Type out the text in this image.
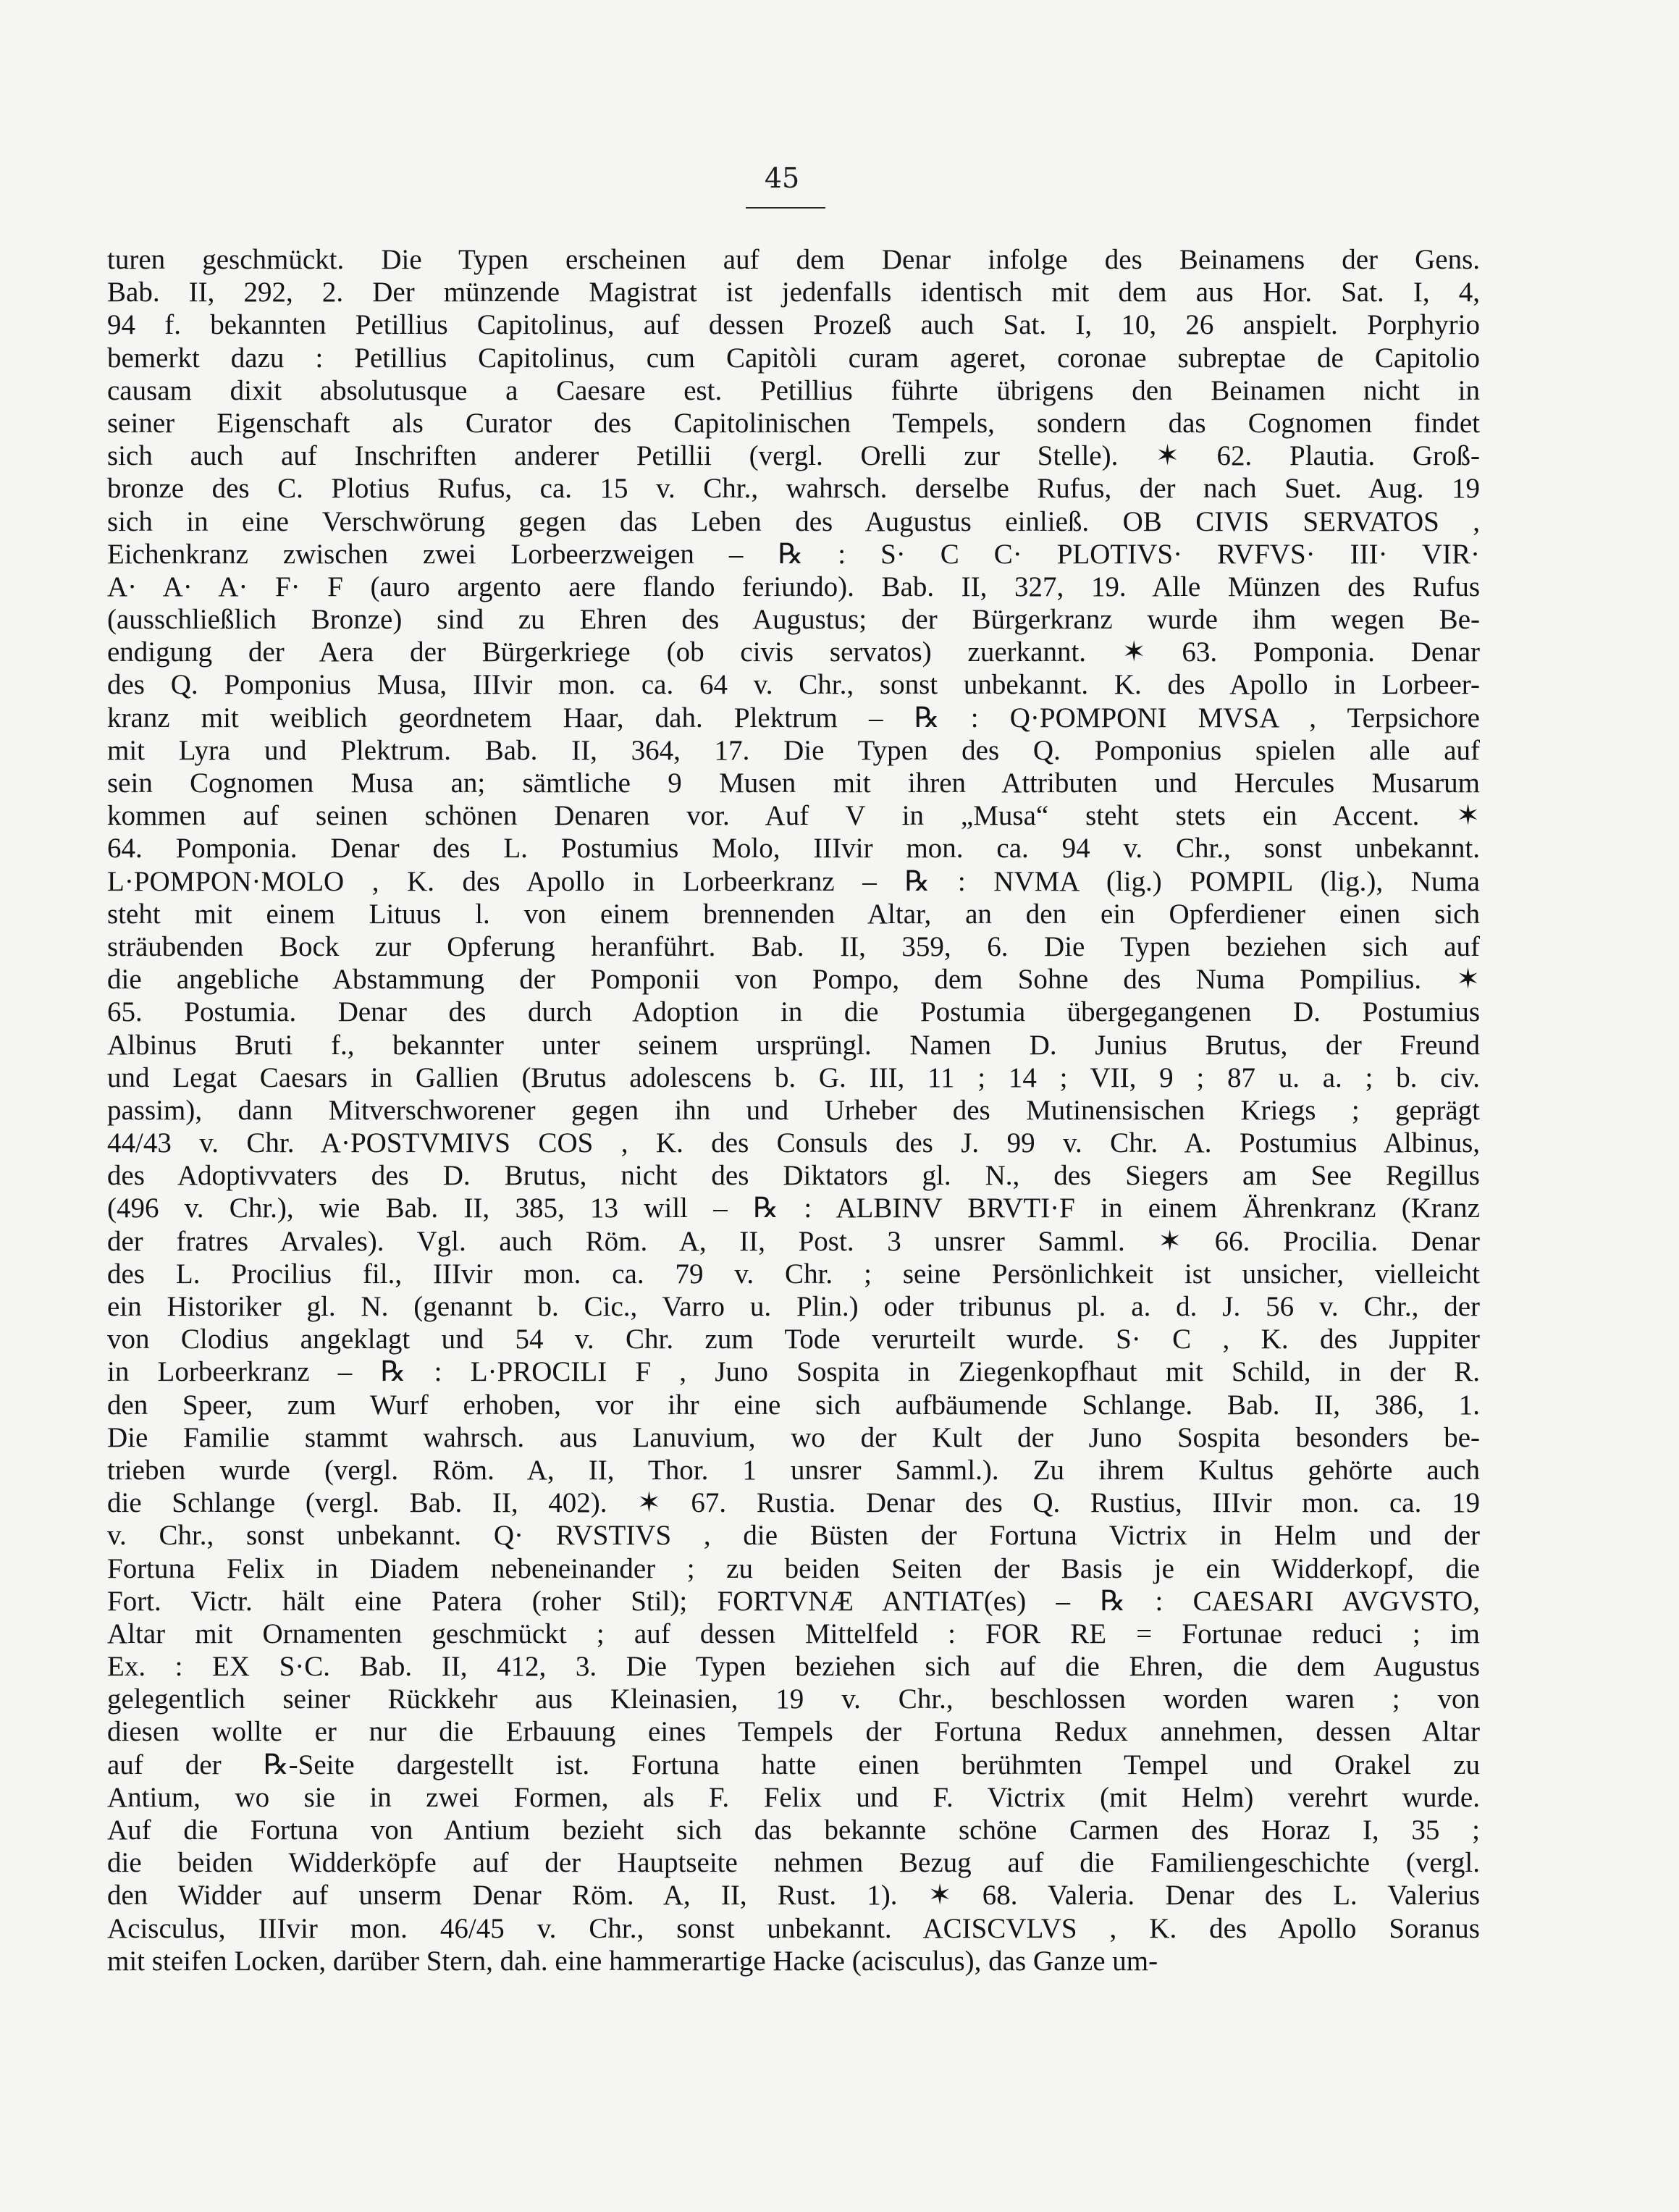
45
turen geschmückt. Die Typen erscheinen auf dem Denar infolge des Beinamens der Gens.
Bab. II, 292, 2. Der münzende Magistrat ist jedenfalls identisch mit dem aus Hor. Sat. I, 4,
94 f. bekannten Petillius Capitolinus, auf dessen Prozeß auch Sat. I, 10, 26 anspielt. Porphyrio
bemerkt dazu : Petillius Capitolinus, cum Capitòli curam ageret, coronae subreptae de Capitolio
causam dixit absolutusque a Caesare est. Petillius führte übrigens den Beinamen nicht in
seiner Eigenschaft als Curator des Capitolinischen Tempels, sondern das Cognomen findet
sich auch auf Inschriften anderer Petillii (vergl. Orelli zur Stelle). ✶ 62. Plautia. Groß-
bronze des C. Plotius Rufus, ca. 15 v. Chr., wahrsch. derselbe Rufus, der nach Suet. Aug. 19
sich in eine Verschwörung gegen das Leben des Augustus einließ. OB CIVIS SERVATOS ,
Eichenkranz zwischen zwei Lorbeerzweigen – ℞ : S· C C· PLOTIVS· RVFVS· III· VIR·
A· A· A· F· F (auro argento aere flando feriundo). Bab. II, 327, 19. Alle Münzen des Rufus
(ausschließlich Bronze) sind zu Ehren des Augustus; der Bürgerkranz wurde ihm wegen Be-
endigung der Aera der Bürgerkriege (ob civis servatos) zuerkannt. ✶ 63. Pomponia. Denar
des Q. Pomponius Musa, IIIvir mon. ca. 64 v. Chr., sonst unbekannt. K. des Apollo in Lorbeer-
kranz mit weiblich geordnetem Haar, dah. Plektrum – ℞ : Q·POMPONI MVSA , Terpsichore
mit Lyra und Plektrum. Bab. II, 364, 17. Die Typen des Q. Pomponius spielen alle auf
sein Cognomen Musa an; sämtliche 9 Musen mit ihren Attributen und Hercules Musarum
kommen auf seinen schönen Denaren vor. Auf V in „Musa“ steht stets ein Accent. ✶
64. Pomponia. Denar des L. Postumius Molo, IIIvir mon. ca. 94 v. Chr., sonst unbekannt.
L·POMPON·MOLO , K. des Apollo in Lorbeerkranz – ℞ : NVMA (lig.) POMPIL (lig.), Numa
steht mit einem Lituus l. von einem brennenden Altar, an den ein Opferdiener einen sich
sträubenden Bock zur Opferung heranführt. Bab. II, 359, 6. Die Typen beziehen sich auf
die angebliche Abstammung der Pomponii von Pompo, dem Sohne des Numa Pompilius. ✶
65. Postumia. Denar des durch Adoption in die Postumia übergegangenen D. Postumius
Albinus Bruti f., bekannter unter seinem ursprüngl. Namen D. Junius Brutus, der Freund
und Legat Caesars in Gallien (Brutus adolescens b. G. III, 11 ; 14 ; VII, 9 ; 87 u. a. ; b. civ.
passim), dann Mitverschworener gegen ihn und Urheber des Mutinensischen Kriegs ; geprägt
44/43 v. Chr. A·POSTVMIVS COS , K. des Consuls des J. 99 v. Chr. A. Postumius Albinus,
des Adoptivvaters des D. Brutus, nicht des Diktators gl. N., des Siegers am See Regillus
(496 v. Chr.), wie Bab. II, 385, 13 will – ℞ : ALBINV BRVTI·F in einem Ährenkranz (Kranz
der fratres Arvales). Vgl. auch Röm. A, II, Post. 3 unsrer Samml. ✶ 66. Procilia. Denar
des L. Procilius fil., IIIvir mon. ca. 79 v. Chr. ; seine Persönlichkeit ist unsicher, vielleicht
ein Historiker gl. N. (genannt b. Cic., Varro u. Plin.) oder tribunus pl. a. d. J. 56 v. Chr., der
von Clodius angeklagt und 54 v. Chr. zum Tode verurteilt wurde. S· C , K. des Juppiter
in Lorbeerkranz – ℞ : L·PROCILI F , Juno Sospita in Ziegenkopfhaut mit Schild, in der R.
den Speer, zum Wurf erhoben, vor ihr eine sich aufbäumende Schlange. Bab. II, 386, 1.
Die Familie stammt wahrsch. aus Lanuvium, wo der Kult der Juno Sospita besonders be-
trieben wurde (vergl. Röm. A, II, Thor. 1 unsrer Samml.). Zu ihrem Kultus gehörte auch
die Schlange (vergl. Bab. II, 402). ✶ 67. Rustia. Denar des Q. Rustius, IIIvir mon. ca. 19
v. Chr., sonst unbekannt. Q· RVSTIVS , die Büsten der Fortuna Victrix in Helm und der
Fortuna Felix in Diadem nebeneinander ; zu beiden Seiten der Basis je ein Widderkopf, die
Fort. Victr. hält eine Patera (roher Stil); FORTVNÆ ANTIAT(es) – ℞ : CAESARI AVGVSTO,
Altar mit Ornamenten geschmückt ; auf dessen Mittelfeld : FOR RE = Fortunae reduci ; im
Ex. : EX S·C. Bab. II, 412, 3. Die Typen beziehen sich auf die Ehren, die dem Augustus
gelegentlich seiner Rückkehr aus Kleinasien, 19 v. Chr., beschlossen worden waren ; von
diesen wollte er nur die Erbauung eines Tempels der Fortuna Redux annehmen, dessen Altar
auf der ℞-Seite dargestellt ist. Fortuna hatte einen berühmten Tempel und Orakel zu
Antium, wo sie in zwei Formen, als F. Felix und F. Victrix (mit Helm) verehrt wurde.
Auf die Fortuna von Antium bezieht sich das bekannte schöne Carmen des Horaz I, 35 ;
die beiden Widderköpfe auf der Hauptseite nehmen Bezug auf die Familiengeschichte (vergl.
den Widder auf unserm Denar Röm. A, II, Rust. 1). ✶ 68. Valeria. Denar des L. Valerius
Acisculus, IIIvir mon. 46/45 v. Chr., sonst unbekannt. ACISCVLVS , K. des Apollo Soranus
mit steifen Locken, darüber Stern, dah. eine hammerartige Hacke (acisculus), das Ganze um-
